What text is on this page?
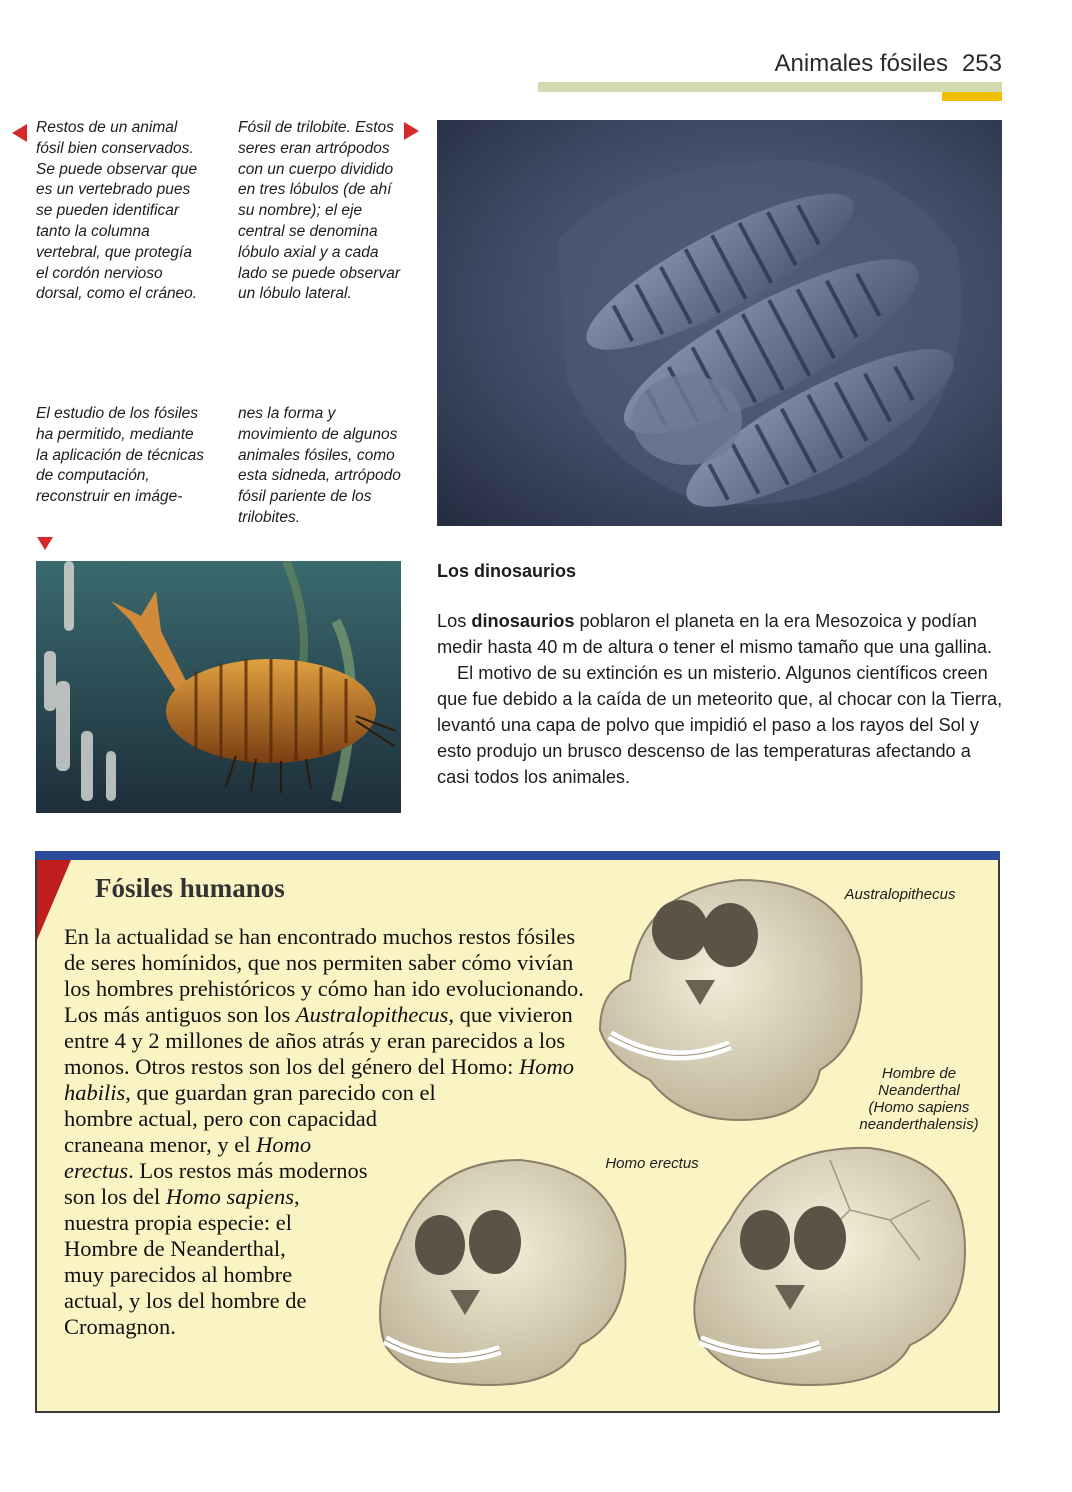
Animales fósiles 253
Restos de un animal fósil bien conservados. Se puede observar que es un vertebrado pues se pueden identificar tanto la columna vertebral, que protegía el cordón nervioso dorsal, como el cráneo.
Fósil de trilobite. Estos seres eran artrópodos con un cuerpo dividido en tres lóbulos (de ahí su nombre); el eje central se denomina lóbulo axial y a cada lado se puede observar un lóbulo lateral.
El estudio de los fósiles ha permitido, mediante la aplicación de técnicas de computación, reconstruir en imáge-
nes la forma y movimiento de algunos animales fósiles, como esta sidneda, artrópodo fósil pariente de los trilobites.
Los dinosaurios

Los dinosaurios poblaron el planeta en la era Mesozoica y podían medir hasta 40 m de altura o tener el mismo tamaño que una gallina.

El motivo de su extinción es un misterio. Algunos científicos creen que fue debido a la caída de un meteorito que, al chocar con la Tierra, levantó una capa de polvo que impidió el paso a los rayos del Sol y esto produjo un brusco descenso de las temperaturas afectando a casi todos los animales.

Fósiles humanos	Australopithecus
Hombre de
Neanderthal
(Homo sapiens
neanderthalensis)
Homo erectus

En la actualidad se han encontrado muchos restos fósiles de seres homínidos, que nos permiten saber cómo vivían los hombres prehistóricos y cómo han ido evolucionando. Los más antiguos son los Australopithecus, que vivieron entre 4 y 2 millones de años atrás y eran parecidos a los monos. Otros restos son los del género del Homo: Homo habilis, que guardan gran parecido con el hombre actual, pero con capacidad craneana menor, y el Homo erectus. Los restos más modernos son los del Homo sapiens, nuestra propia especie: el Hombre de Neanderthal, muy parecidos al hombre actual, y los del hombre de Cromagnon.
